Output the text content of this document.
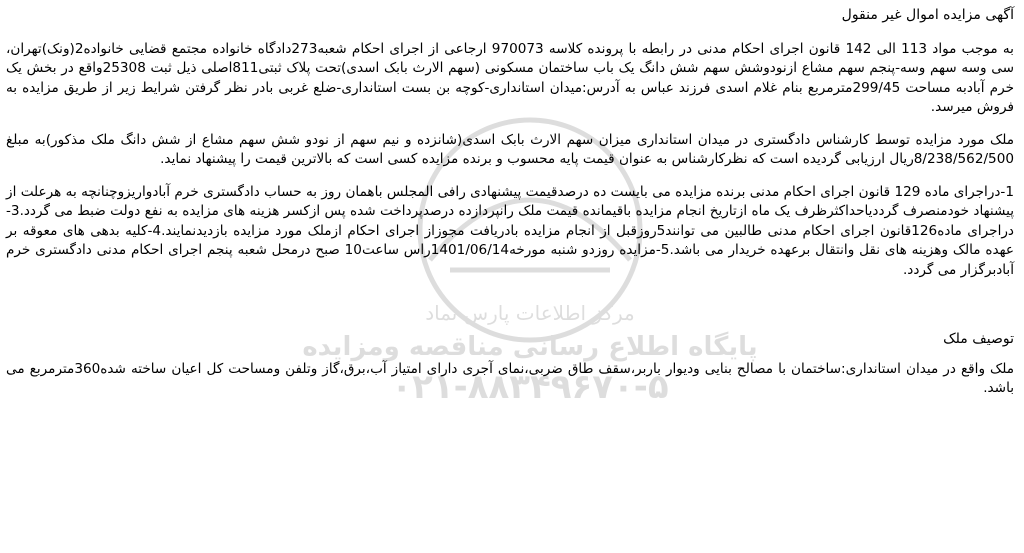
پایگاه اطلاع رسانی مناقصه ومزایده
مرکز اطلاعات پارس نماد
۰۲۱-۸۸۳۴۹۶۷۰-۵
آگهی مزایده اموال غیر منقول
به موجب مواد 113 الی 142 قانون اجرای احکام مدنی در رابطه با پرونده کلاسه 970073 ارجاعی از اجرای احکام شعبه273دادگاه خانواده مجتمع قضایی خانواده2(ونک)تهران، سی وسه سهم وسه-پنجم سهم مشاع ازنودوشش سهم شش دانگ یک باب ساختمان مسکونی (سهم الارث بابک اسدی)تحت پلاک ثبتی811اصلی ذیل ثبت 25308واقع در بخش یک خرم آبادبه مساحت 299/45مترمربع بنام غلام اسدی فرزند عباس به آدرس:میدان استانداری-کوچه بن بست استانداری-ضلع غربی بادر نظر گرفتن شرایط زیر از طریق مزایده به فروش میرسد.
ملک مورد مزایده توسط کارشناس دادگستری در میدان استانداری میزان سهم الارث بابک اسدی(شانزده و نیم سهم از نودو شش سهم مشاع از شش دانگ ملک مذکور)به مبلغ 8/238/562/500ریال ارزیابی گردیده است که نظرکارشناس به عنوان قیمت پایه محسوب و برنده مزایده کسی است که بالاترین قیمت را پیشنهاد نماید.
1-دراجرای ماده 129 قانون اجرای احکام مدنی برنده مزایده می بایست ده درصدقیمت پیشنهادی رافی المجلس باهمان روز به حساب دادگستری خرم آبادواریزوچنانچه به هرعلت از پیشنهاد خودمنصرف گرددیاحداکثرظرف یک ماه ازتاریخ انجام مزایده باقیمانده قیمت ملک رانپردازده درصدپرداخت شده پس ازکسر هزینه های مزایده به نفع دولت ضبط می گردد.3-دراجرای ماده126قانون اجرای احکام مدنی طالبین می توانند5روزقبل از انجام مزایده بادریافت مجوزاز اجرای احکام ازملک مورد مزایده بازدیدنمایند.4-کلیه بدهی های معوقه بر عهده مالک وهزینه های نقل وانتقال برعهده خریدار می باشد.5-مزایده روزدو شنبه مورخه1401/06/14راس ساعت10 صبح درمحل شعبه پنجم اجرای احکام مدنی دادگستری خرم آبادبرگزار می گردد.
توصیف ملک
ملک واقع در میدان استانداری:ساختمان با مصالح بنایی ودیوار باربر،سقف طاق ضربی،نمای آجری دارای امتیاز آب،برق،گاز وتلفن ومساحت کل اعیان ساخته شده360مترمربع می باشد.
